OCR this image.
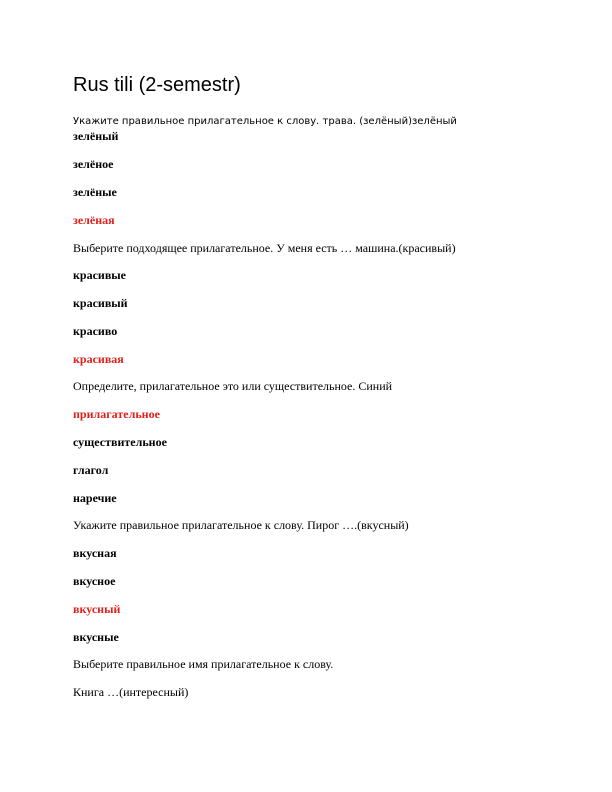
Rus tili (2-semestr)
Укажите правильное прилагательное к слову. трава. (зелёный)зелёный
зелёный
зелёное
зелёные
зелёная
Выберите подходящее прилагательное. У меня есть … машина.(красивый)
красивые
красивый
красиво
красивая
Определите, прилагательное это или существительное. Синий
прилагательное
существительное
глагол
наречие
Укажите правильное прилагательное к слову. Пирог ….(вкусный)
вкусная
вкусное
вкусный
вкусные
Выберите правильное имя прилагательное к слову.
Книга …(интересный)
